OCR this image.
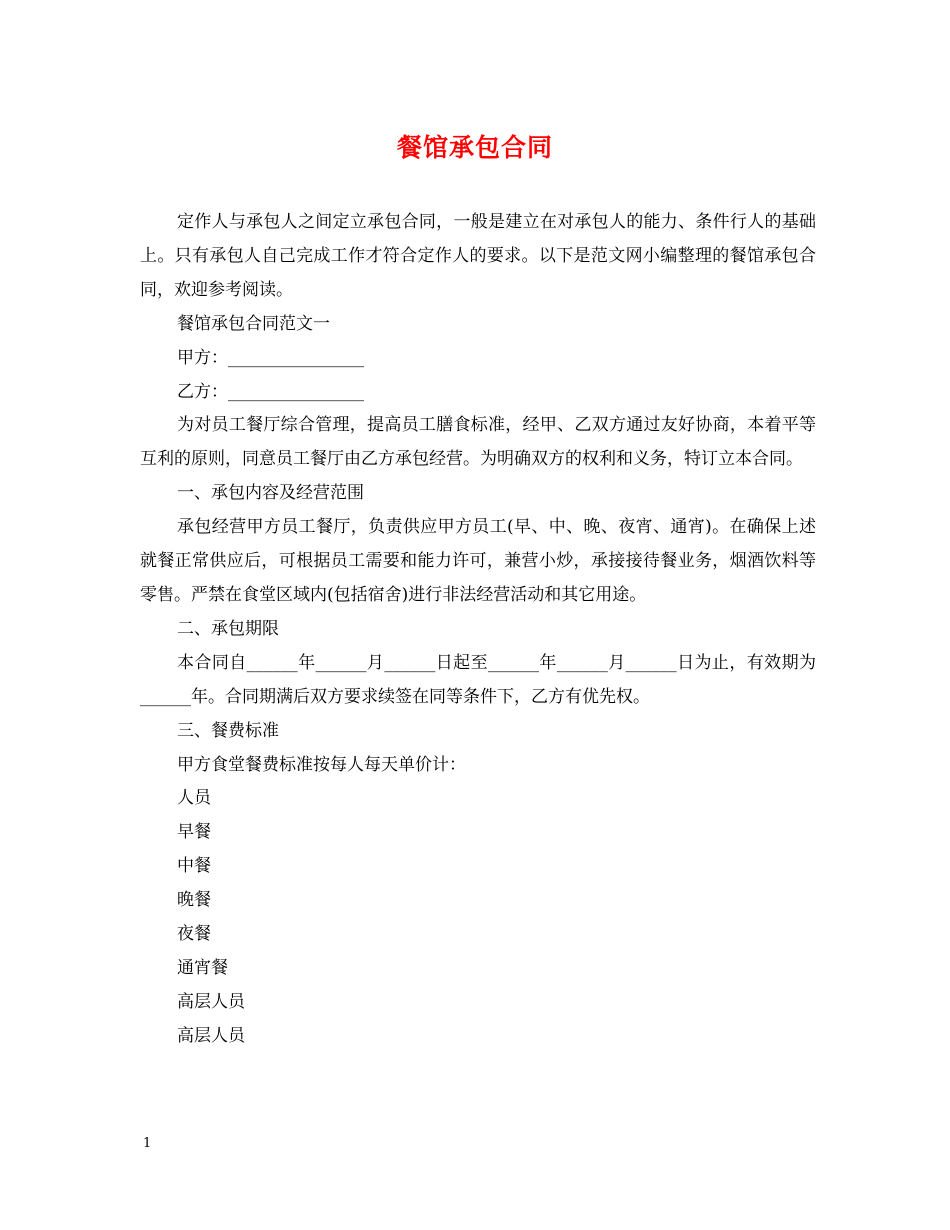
餐馆承包合同

定作人与承包人之间定立承包合同，一般是建立在对承包人的能力、条件行人的基础上。只有承包人自己完成工作才符合定作人的要求。以下是范文网小编整理的餐馆承包合同，欢迎参考阅读。

餐馆承包合同范文一

甲方：________________

乙方：________________

为对员工餐厅综合管理，提高员工膳食标准，经甲、乙双方通过友好协商，本着平等互利的原则，同意员工餐厅由乙方承包经营。为明确双方的权利和义务，特订立本合同。

一、承包内容及经营范围

承包经营甲方员工餐厅，负责供应甲方员工(早、中、晚、夜宵、通宵)。在确保上述就餐正常供应后，可根据员工需要和能力许可，兼营小炒，承接接待餐业务，烟酒饮料等零售。严禁在食堂区域内(包括宿舍)进行非法经营活动和其它用途。

二、承包期限

本合同自______年______月______日起至______年______月______日为止，有效期为______年。合同期满后双方要求续签在同等条件下，乙方有优先权。

三、餐费标准

甲方食堂餐费标准按每人每天单价计：

人员

早餐

中餐

晚餐

夜餐

通宵餐

高层人员

高层人员

1
